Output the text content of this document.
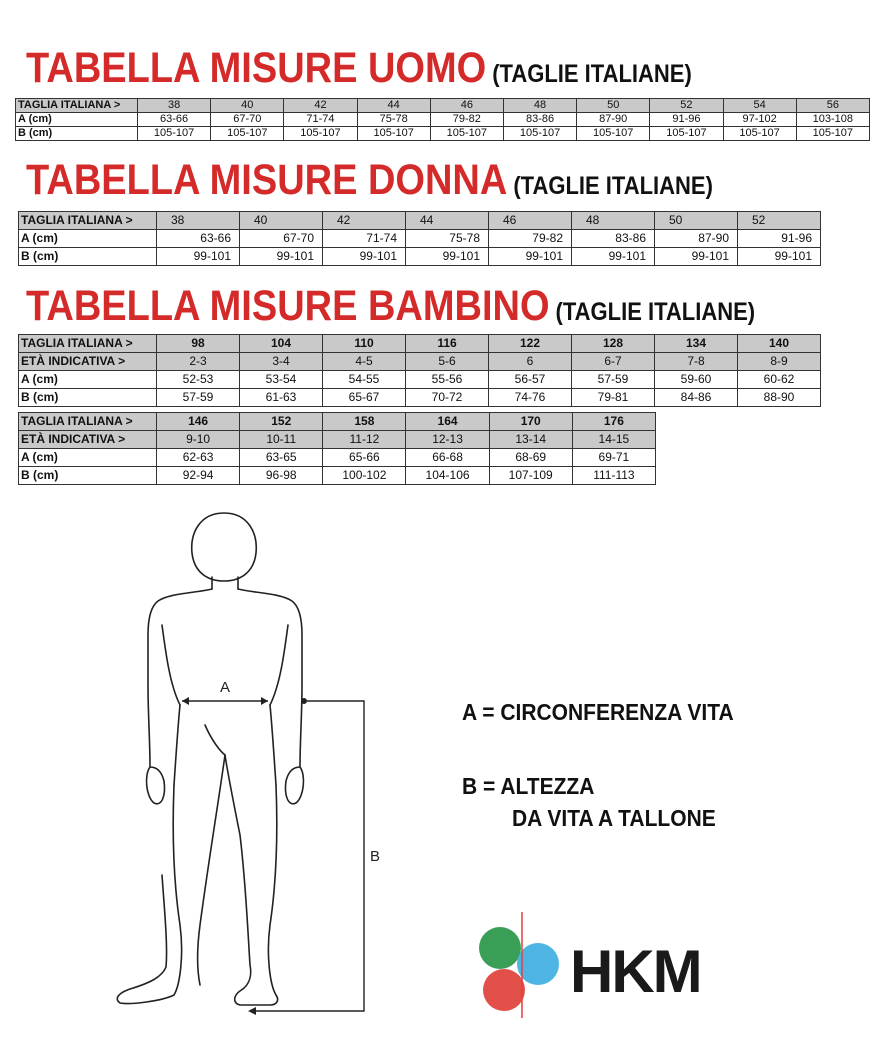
TABELLA MISURE UOMO (TAGLIE ITALIANE)
TAGLIA ITALIANA >	38	40	42	44	46	48	50	52	54	56
A (cm)	63-66	67-70	71-74	75-78	79-82	83-86	87-90	91-96	97-102	103-108
B (cm)	105-107	105-107	105-107	105-107	105-107	105-107	105-107	105-107	105-107	105-107
TABELLA MISURE DONNA (TAGLIE ITALIANE)
TAGLIA ITALIANA >	38	40	42	44	46	48	50	52
A (cm)	63-66	67-70	71-74	75-78	79-82	83-86	87-90	91-96
B (cm)	99-101	99-101	99-101	99-101	99-101	99-101	99-101	99-101
TABELLA MISURE BAMBINO (TAGLIE ITALIANE)
TAGLIA ITALIANA >	98	104	110	116	122	128	134	140
ETÀ INDICATIVA >	2-3	3-4	4-5	5-6	6	6-7	7-8	8-9
A (cm)	52-53	53-54	54-55	55-56	56-57	57-59	59-60	60-62
B (cm)	57-59	61-63	65-67	70-72	74-76	79-81	84-86	88-90
TAGLIA ITALIANA >	146	152	158	164	170	176
ETÀ INDICATIVA >	9-10	10-11	11-12	12-13	13-14	14-15
A (cm)	62-63	63-65	65-66	66-68	68-69	69-71
B (cm)	92-94	96-98	100-102	104-106	107-109	111-113
A
B
A = CIRCONFERENZA VITA
B = ALTEZZA
DA VITA A TALLONE
HKM
